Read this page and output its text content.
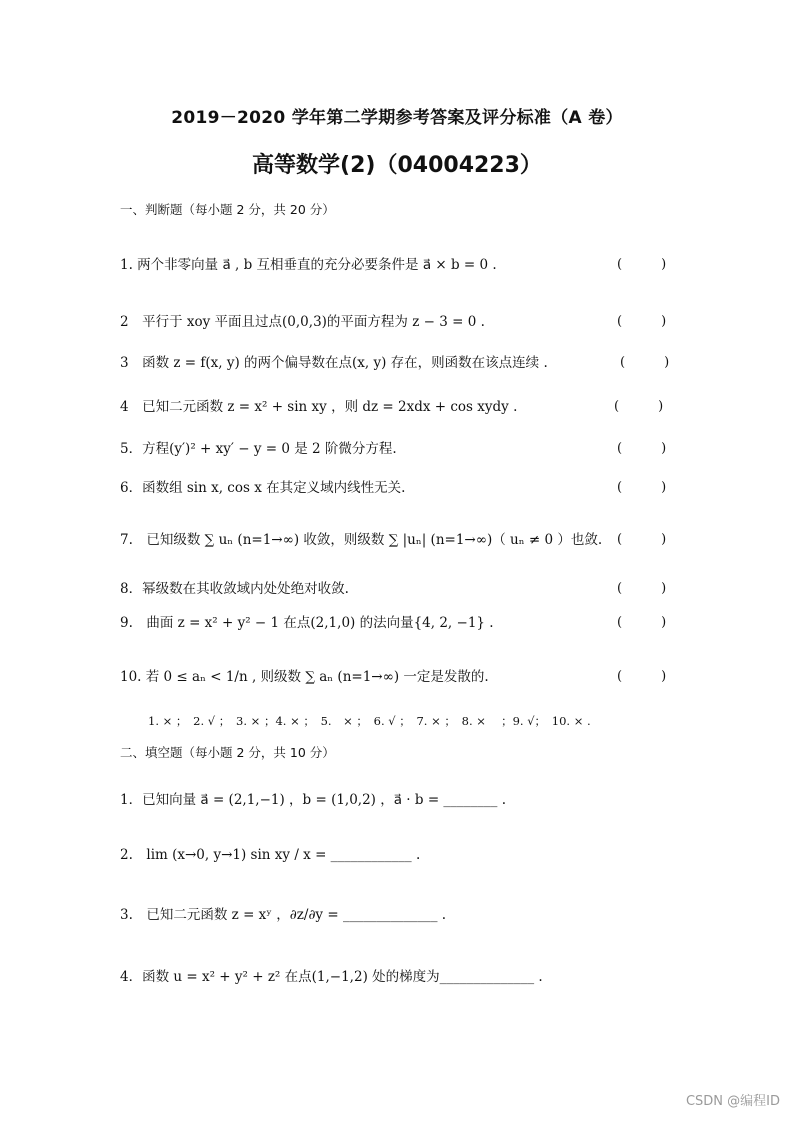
2019－2020 学年第二学期参考答案及评分标准（A 卷）
高等数学(2)（04004223）
一、判断题（每小题 2 分，共 20 分）
1. 两个非零向量 a⃗ , b 互相垂直的充分必要条件是 a⃗ × b = 0 .	(　　　)
2　平行于 xoy 平面且过点(0,0,3)的平面方程为 z − 3 = 0 .	(　　　)
3　函数 z = f(x, y) 的两个偏导数在点(x, y) 存在，则函数在该点连续 .	(　　　)
4　已知二元函数 z = x² + sin xy ，则 dz = 2xdx + cos xydy .	(　　　)
5．方程(y′)² + xy′ − y = 0 是 2 阶微分方程.	(　　　)
6．函数组 sin x, cos x 在其定义域内线性无关.	(　　　)
7.　已知级数 ∑ uₙ (n=1→∞) 收敛，则级数 ∑ |uₙ| (n=1→∞)（ uₙ ≠ 0 ）也敛. (　　　)
8．幂级数在其收敛域内处处绝对收敛.	(　　　)
9.　曲面 z = x² + y² − 1 在点(2,1,0) 的法向量{4, 2, −1} .	(　　　)
10. 若 0 ≤ aₙ < 1/n , 则级数 ∑ aₙ (n=1→∞) 一定是发散的.	(　　　)
1. × ；　2. √ ；　3. × ；4. × ；　5.　× ；　6. √ ；　7. × ；　8. × 　；9. √；　10. × .
二、填空题（每小题 2 分，共 10 分）
1．已知向量 a⃗ = (2,1,−1) ，b = (1,0,2) ，a⃗ · b = ________ .
2.　lim (x→0, y→1) sin xy / x = ____________ .
3.　已知二元函数 z = xʸ ，∂z/∂y = ______________ .
4．函数 u = x² + y² + z² 在点(1,−1,2) 处的梯度为______________ .
CSDN @编程ID
